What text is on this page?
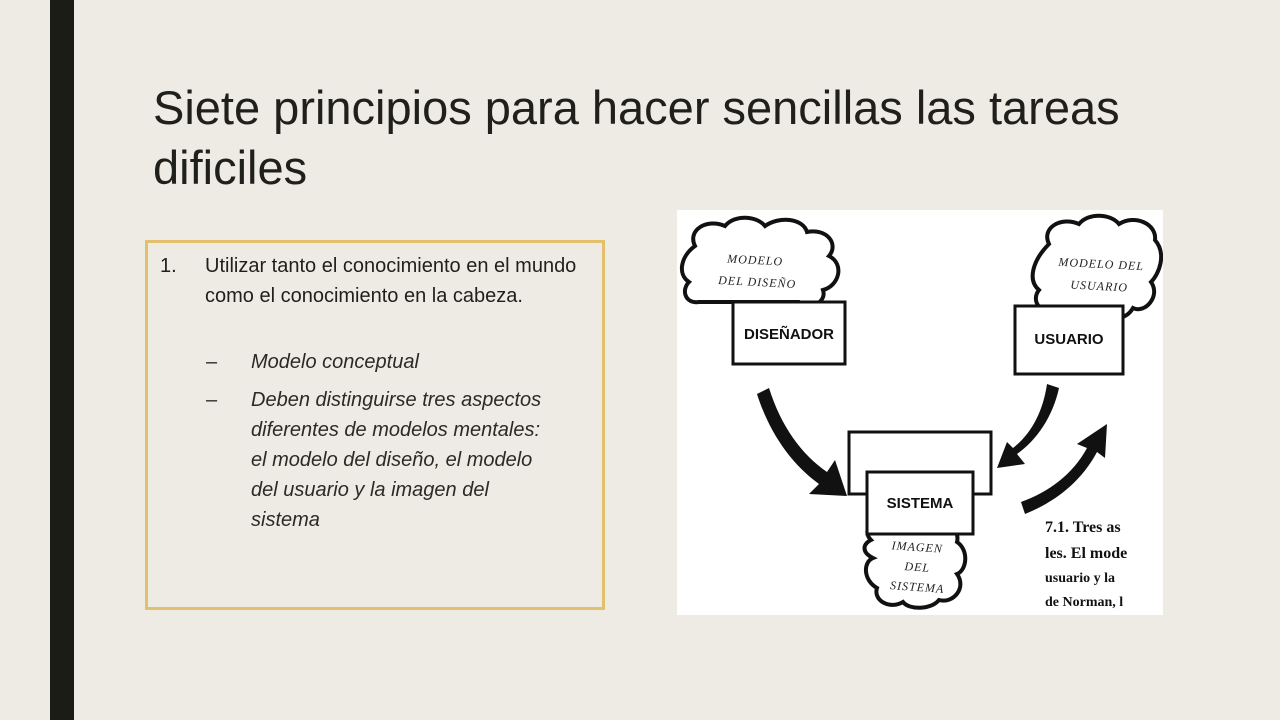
Siete principios para hacer sencillas las tareas dificiles
1. Utilizar tanto el conocimiento en el mundo como el conocimiento en la cabeza.
– Modelo conceptual
– Deben distinguirse tres aspectos diferentes de modelos mentales: el modelo del diseño, el modelo del usuario y la imagen del sistema
MODELO
DEL DISEÑO
DISEÑADOR
MODELO DEL
USUARIO
USUARIO
IMAGEN
DEL
SISTEMA
SISTEMA
7.1. Tres as
les. El mode
usuario y la
de Norman, l
